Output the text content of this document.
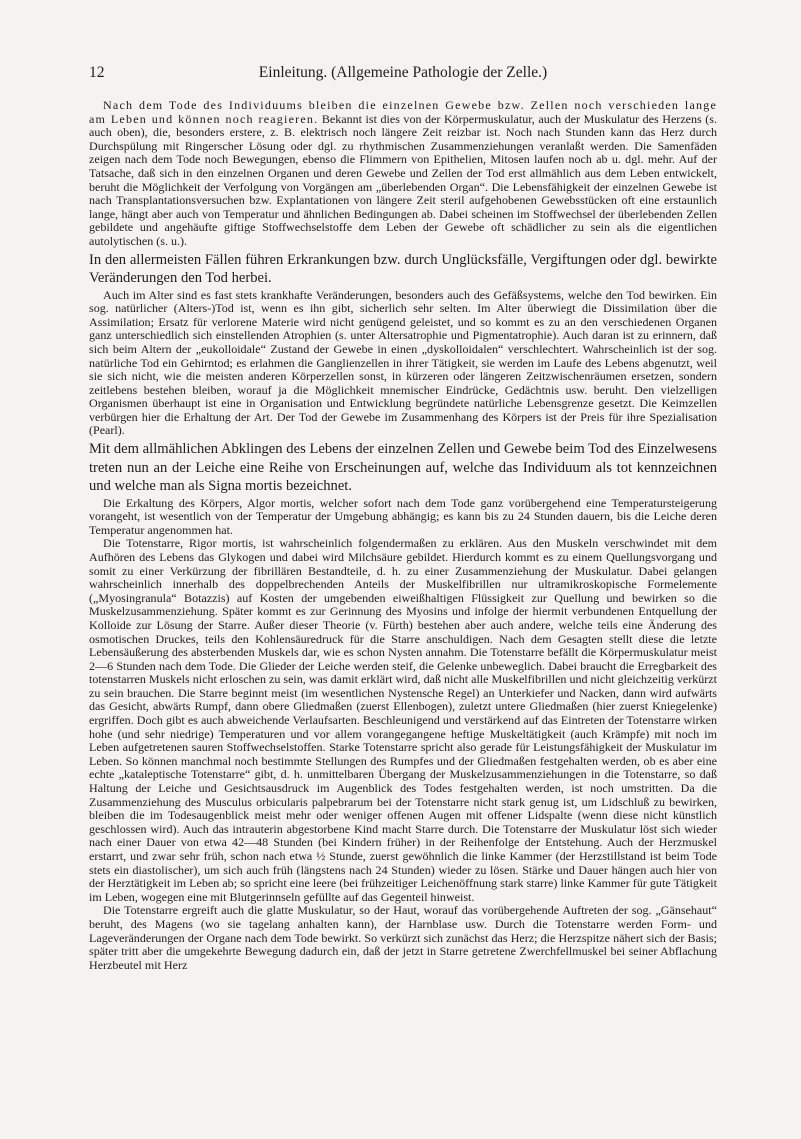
12	Einleitung. (Allgemeine Pathologie der Zelle.)

Nach dem Tode des Individuums bleiben die einzelnen Gewebe bzw. Zellen noch verschieden lange am Leben und können noch reagieren. Bekannt ist dies von der Körpermuskulatur, auch der Muskulatur des Herzens (s. auch oben), die, besonders erstere, z. B. elektrisch noch längere Zeit reizbar ist. Noch nach Stunden kann das Herz durch Durchspülung mit Ringerscher Lösung oder dgl. zu rhythmischen Zusammenziehungen veranlaßt werden. Die Samenfäden zeigen nach dem Tode noch Bewegungen, ebenso die Flimmern von Epithelien, Mitosen laufen noch ab u. dgl. mehr. Auf der Tatsache, daß sich in den einzelnen Organen und deren Gewebe und Zellen der Tod erst allmählich aus dem Leben entwickelt, beruht die Möglichkeit der Verfolgung von Vorgängen am „überlebenden Organ“. Die Lebensfähigkeit der einzelnen Gewebe ist nach Transplantationsversuchen bzw. Explantationen von längere Zeit steril aufgehobenen Gewebsstücken oft eine erstaunlich lange, hängt aber auch von Temperatur und ähnlichen Bedingungen ab. Dabei scheinen im Stoffwechsel der überlebenden Zellen gebildete und angehäufte giftige Stoffwechselstoffe dem Leben der Gewebe oft schädlicher zu sein als die eigentlichen autolytischen (s. u.).

In den allermeisten Fällen führen Erkrankungen bzw. durch Unglücksfälle, Vergiftungen oder dgl. bewirkte Veränderungen den Tod herbei.

Auch im Alter sind es fast stets krankhafte Veränderungen, besonders auch des Gefäßsystems, welche den Tod bewirken. Ein sog. natürlicher (Alters-)Tod ist, wenn es ihn gibt, sicherlich sehr selten. Im Alter überwiegt die Dissimilation über die Assimilation; Ersatz für verlorene Materie wird nicht genügend geleistet, und so kommt es zu an den verschiedenen Organen ganz unterschiedlich sich einstellenden Atrophien (s. unter Altersatrophie und Pigmentatrophie). Auch daran ist zu erinnern, daß sich beim Altern der „eukolloidale“ Zustand der Gewebe in einen „dyskolloidalen“ verschlechtert. Wahrscheinlich ist der sog. natürliche Tod ein Gehirntod; es erlahmen die Ganglienzellen in ihrer Tätigkeit, sie werden im Laufe des Lebens abgenutzt, weil sie sich nicht, wie die meisten anderen Körperzellen sonst, in kürzeren oder längeren Zeitzwischenräumen ersetzen, sondern zeitlebens bestehen bleiben, worauf ja die Möglichkeit mnemischer Eindrücke, Gedächtnis usw. beruht. Den vielzelligen Organismen überhaupt ist eine in Organisation und Entwicklung begründete natürliche Lebensgrenze gesetzt. Die Keimzellen verbürgen hier die Erhaltung der Art. Der Tod der Gewebe im Zusammenhang des Körpers ist der Preis für ihre Spezialisation (Pearl).

Mit dem allmählichen Abklingen des Lebens der einzelnen Zellen und Gewebe beim Tod des Einzelwesens treten nun an der Leiche eine Reihe von Erscheinungen auf, welche das Individuum als tot kennzeichnen und welche man als Signa mortis bezeichnet.

Die Erkaltung des Körpers, Algor mortis, welcher sofort nach dem Tode ganz vorübergehend eine Temperatursteigerung vorangeht, ist wesentlich von der Temperatur der Umgebung abhängig; es kann bis zu 24 Stunden dauern, bis die Leiche deren Temperatur angenommen hat.

Die Totenstarre, Rigor mortis, ist wahrscheinlich folgendermaßen zu erklären. Aus den Muskeln verschwindet mit dem Aufhören des Lebens das Glykogen und dabei wird Milchsäure gebildet. Hierdurch kommt es zu einem Quellungsvorgang und somit zu einer Verkürzung der fibrillären Bestandteile, d. h. zu einer Zusammenziehung der Muskulatur. Dabei gelangen wahrscheinlich innerhalb des doppelbrechenden Anteils der Muskelfibrillen nur ultramikroskopische Formelemente („Myosingranula“ Botazzis) auf Kosten der umgebenden eiweißhaltigen Flüssigkeit zur Quellung und bewirken so die Muskelzusammenziehung. Später kommt es zur Gerinnung des Myosins und infolge der hiermit verbundenen Entquellung der Kolloide zur Lösung der Starre. Außer dieser Theorie (v. Fürth) bestehen aber auch andere, welche teils eine Änderung des osmotischen Druckes, teils den Kohlensäuredruck für die Starre anschuldigen. Nach dem Gesagten stellt diese die letzte Lebensäußerung des absterbenden Muskels dar, wie es schon Nysten annahm. Die Totenstarre befällt die Körpermuskulatur meist 2—6 Stunden nach dem Tode. Die Glieder der Leiche werden steif, die Gelenke unbeweglich. Dabei braucht die Erregbarkeit des totenstarren Muskels nicht erloschen zu sein, was damit erklärt wird, daß nicht alle Muskelfibrillen und nicht gleichzeitig verkürzt zu sein brauchen. Die Starre beginnt meist (im wesentlichen Nystensche Regel) an Unterkiefer und Nacken, dann wird aufwärts das Gesicht, abwärts Rumpf, dann obere Gliedmaßen (zuerst Ellenbogen), zuletzt untere Gliedmaßen (hier zuerst Kniegelenke) ergriffen. Doch gibt es auch abweichende Verlaufsarten. Beschleunigend und verstärkend auf das Eintreten der Totenstarre wirken hohe (und sehr niedrige) Temperaturen und vor allem vorangegangene heftige Muskeltätigkeit (auch Krämpfe) mit noch im Leben aufgetretenen sauren Stoffwechselstoffen. Starke Totenstarre spricht also gerade für Leistungsfähigkeit der Muskulatur im Leben. So können manchmal noch bestimmte Stellungen des Rumpfes und der Gliedmaßen festgehalten werden, ob es aber eine echte „kataleptische Totenstarre“ gibt, d. h. unmittelbaren Übergang der Muskelzusammenziehungen in die Totenstarre, so daß Haltung der Leiche und Gesichtsausdruck im Augenblick des Todes festgehalten werden, ist noch umstritten. Da die Zusammenziehung des Musculus orbicularis palpebrarum bei der Totenstarre nicht stark genug ist, um Lidschluß zu bewirken, bleiben die im Todesaugenblick meist mehr oder weniger offenen Augen mit offener Lidspalte (wenn diese nicht künstlich geschlossen wird). Auch das intrauterin abgestorbene Kind macht Starre durch. Die Totenstarre der Muskulatur löst sich wieder nach einer Dauer von etwa 42—48 Stunden (bei Kindern früher) in der Reihenfolge der Entstehung. Auch der Herzmuskel erstarrt, und zwar sehr früh, schon nach etwa ½ Stunde, zuerst gewöhnlich die linke Kammer (der Herzstillstand ist beim Tode stets ein diastolischer), um sich auch früh (längstens nach 24 Stunden) wieder zu lösen. Stärke und Dauer hängen auch hier von der Herztätigkeit im Leben ab; so spricht eine leere (bei frühzeitiger Leichenöffnung stark starre) linke Kammer für gute Tätigkeit im Leben, wogegen eine mit Blutgerinnseln gefüllte auf das Gegenteil hinweist.

Die Totenstarre ergreift auch die glatte Muskulatur, so der Haut, worauf das vorübergehende Auftreten der sog. „Gänsehaut“ beruht, des Magens (wo sie tagelang anhalten kann), der Harnblase usw. Durch die Totenstarre werden Form- und Lageveränderungen der Organe nach dem Tode bewirkt. So verkürzt sich zunächst das Herz; die Herzspitze nähert sich der Basis; später tritt aber die umgekehrte Bewegung dadurch ein, daß der jetzt in Starre getretene Zwerchfellmuskel bei seiner Abflachung Herzbeutel mit Herz
